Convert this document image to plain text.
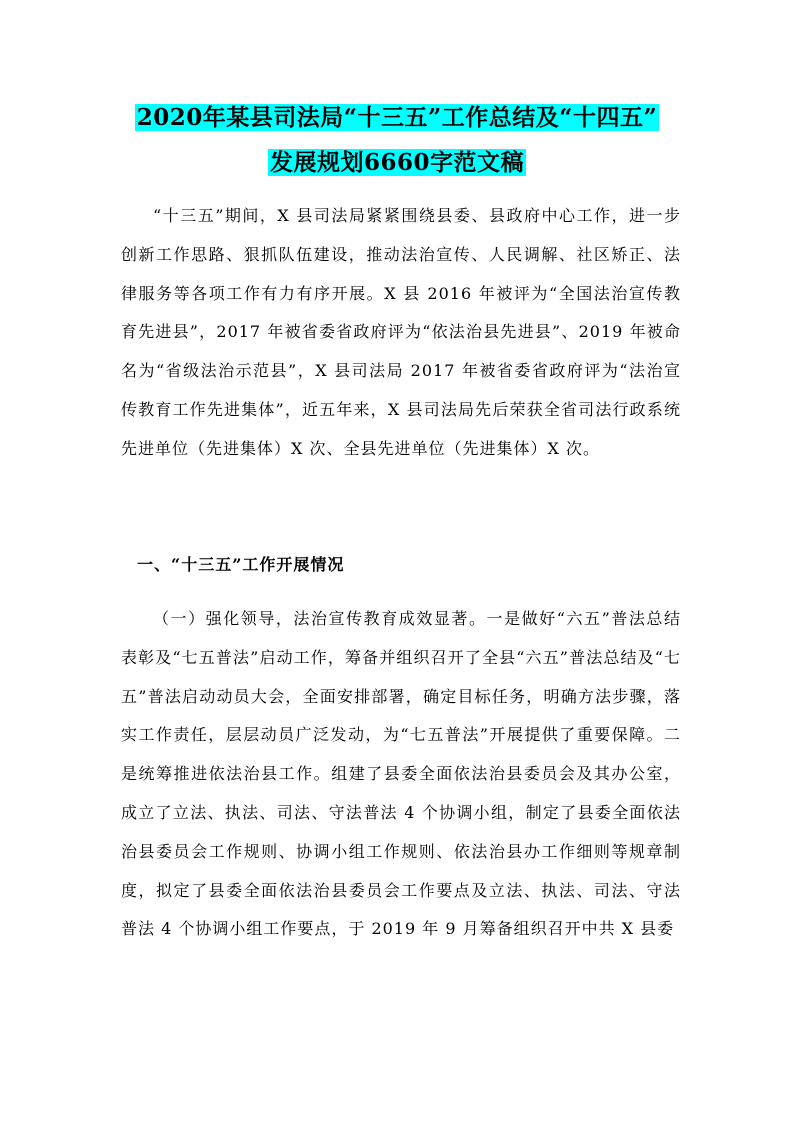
2020年某县司法局“十三五”工作总结及“十四五”
发展规划6660字范文稿
“十三五”期间，X 县司法局紧紧围绕县委、县政府中心工作，进一步创新工作思路、狠抓队伍建设，推动法治宣传、人民调解、社区矫正、法律服务等各项工作有力有序开展。X 县 2016 年被评为“全国法治宣传教育先进县”，2017 年被省委省政府评为“依法治县先进县”、2019 年被命名为“省级法治示范县”，X 县司法局 2017 年被省委省政府评为“法治宣传教育工作先进集体”，近五年来，X 县司法局先后荣获全省司法行政系统先进单位（先进集体）X 次、全县先进单位（先进集体）X 次。
一、“十三五”工作开展情况
（一）强化领导，法治宣传教育成效显著。一是做好“六五”普法总结表彰及“七五普法”启动工作，筹备并组织召开了全县“六五”普法总结及“七五”普法启动动员大会，全面安排部署，确定目标任务，明确方法步骤，落实工作责任，层层动员广泛发动，为“七五普法”开展提供了重要保障。二是统筹推进依法治县工作。组建了县委全面依法治县委员会及其办公室，成立了立法、执法、司法、守法普法 4 个协调小组，制定了县委全面依法治县委员会工作规则、协调小组工作规则、依法治县办工作细则等规章制度，拟定了县委全面依法治县委员会工作要点及立法、执法、司法、守法普法 4 个协调小组工作要点，于 2019 年 9 月筹备组织召开中共 X 县委
